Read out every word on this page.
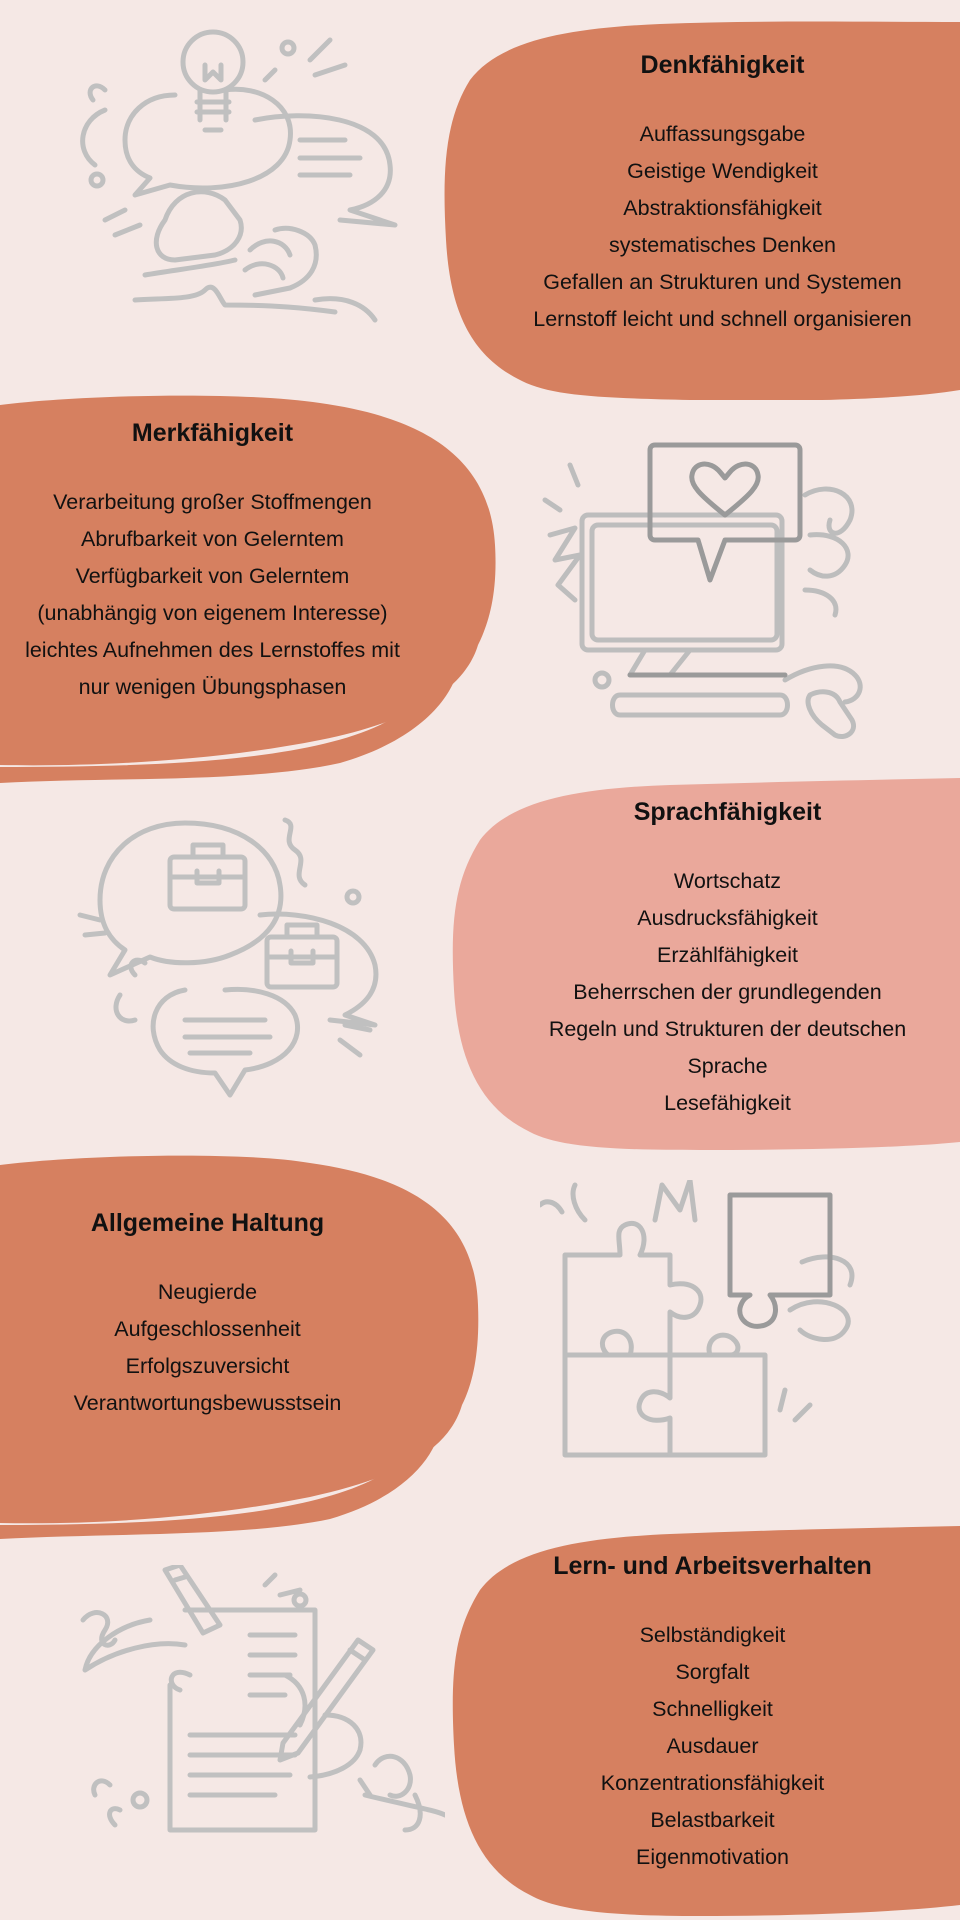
Denkfähigkeit
Auffassungsgabe
Geistige Wendigkeit
Abstraktionsfähigkeit
systematisches Denken
Gefallen an Strukturen und Systemen
Lernstoff leicht und schnell organisieren
Merkfähigkeit
Verarbeitung großer Stoffmengen
Abrufbarkeit von Gelerntem
Verfügbarkeit von Gelerntem
(unabhängig von eigenem Interesse)
leichtes Aufnehmen des Lernstoffes mit
nur wenigen Übungsphasen
Sprachfähigkeit
Wortschatz
Ausdrucksfähigkeit
Erzählfähigkeit
Beherrschen der grundlegenden
Regeln und Strukturen der deutschen
Sprache
Lesefähigkeit
Allgemeine Haltung
Neugierde
Aufgeschlossenheit
Erfolgszuversicht
Verantwortungsbewusstsein
Lern- und Arbeitsverhalten
Selbständigkeit
Sorgfalt
Schnelligkeit
Ausdauer
Konzentrationsfähigkeit
Belastbarkeit
Eigenmotivation
